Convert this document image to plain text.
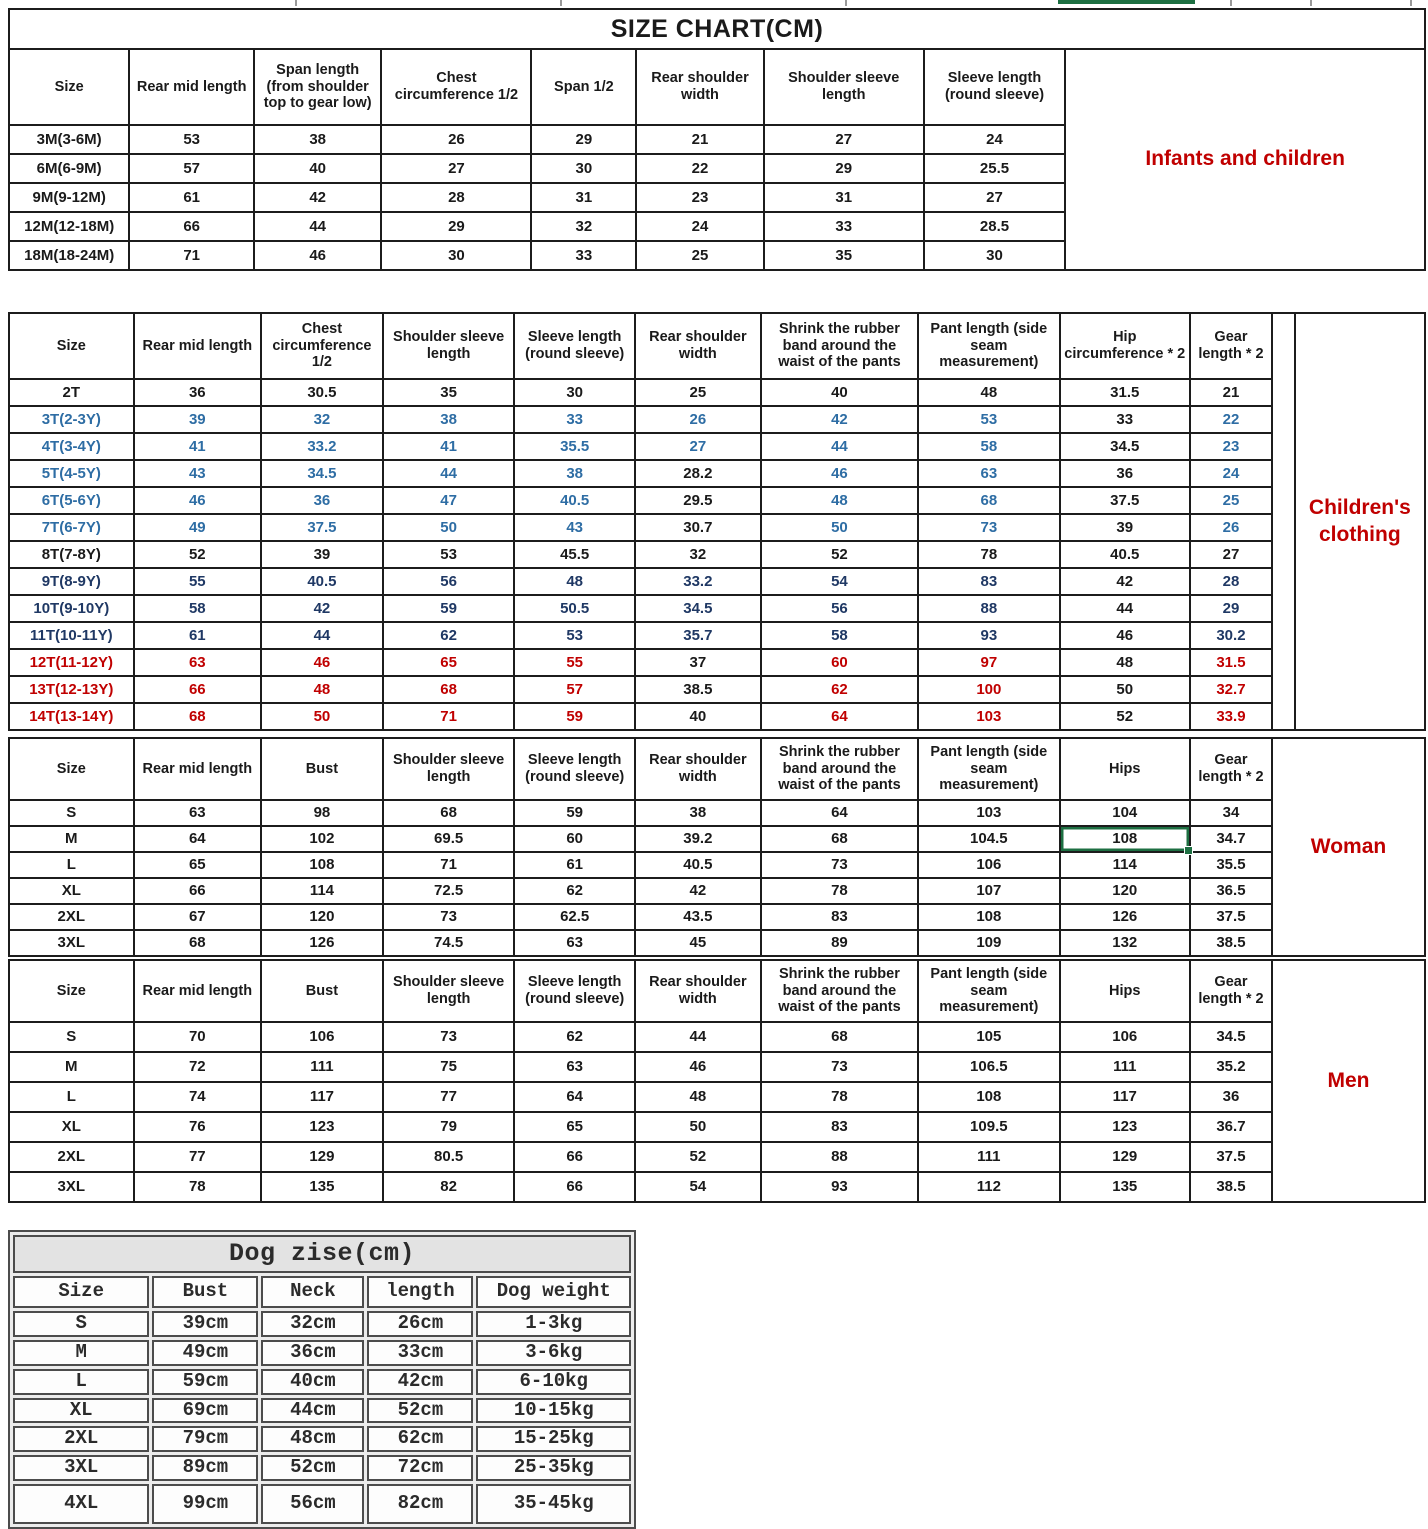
SIZE CHART(CM)								
Size	Rear mid length	Span length (from shoulder top to gear low)	Chest circumference 1/2	Span 1/2	Rear shoulder width	Shoulder sleeve length	Sleeve length (round sleeve)	Infants and children
3M(3-6M)	53	38	26	29	21	27	24	
6M(6-9M)	57	40	27	30	22	29	25.5	
9M(9-12M)	61	42	28	31	23	31	27	
12M(12-18M)	66	44	29	32	24	33	28.5	
18M(18-24M)	71	46	30	33	25	35	30	
Size	Rear mid length	Chest circumference 1/2	Shoulder sleeve length	Sleeve length (round sleeve)	Rear shoulder width	Shrink the rubber band around the waist of the pants	Pant length (side seam measurement)	Hip circumference * 2	Gear length * 2		Children's clothing
2T	36	30.5	35	30	25	40	48	31.5	21		
3T(2-3Y)	39	32	38	33	26	42	53	33	22		
4T(3-4Y)	41	33.2	41	35.5	27	44	58	34.5	23		
5T(4-5Y)	43	34.5	44	38	28.2	46	63	36	24		
6T(5-6Y)	46	36	47	40.5	29.5	48	68	37.5	25		
7T(6-7Y)	49	37.5	50	43	30.7	50	73	39	26		
8T(7-8Y)	52	39	53	45.5	32	52	78	40.5	27		
9T(8-9Y)	55	40.5	56	48	33.2	54	83	42	28		
10T(9-10Y)	58	42	59	50.5	34.5	56	88	44	29		
11T(10-11Y)	61	44	62	53	35.7	58	93	46	30.2		
12T(11-12Y)	63	46	65	55	37	60	97	48	31.5		
13T(12-13Y)	66	48	68	57	38.5	62	100	50	32.7		
14T(13-14Y)	68	50	71	59	40	64	103	52	33.9		
Size	Rear mid length	Bust	Shoulder sleeve length	Sleeve length (round sleeve)	Rear shoulder width	Shrink the rubber band around the waist of the pants	Pant length (side seam measurement)	Hips	Gear length * 2	Woman
S	63	98	68	59	38	64	103	104	34	
M	64	102	69.5	60	39.2	68	104.5	108	34.7	
L	65	108	71	61	40.5	73	106	114	35.5	
XL	66	114	72.5	62	42	78	107	120	36.5	
2XL	67	120	73	62.5	43.5	83	108	126	37.5	
3XL	68	126	74.5	63	45	89	109	132	38.5	
Size	Rear mid length	Bust	Shoulder sleeve length	Sleeve length (round sleeve)	Rear shoulder width	Shrink the rubber band around the waist of the pants	Pant length (side seam measurement)	Hips	Gear length * 2	Men
S	70	106	73	62	44	68	105	106	34.5	
M	72	111	75	63	46	73	106.5	111	35.2	
L	74	117	77	64	48	78	108	117	36	
XL	76	123	79	65	50	83	109.5	123	36.7	
2XL	77	129	80.5	66	52	88	111	129	37.5	
3XL	78	135	82	66	54	93	112	135	38.5	
Dog zise(cm)				
Size	Bust	Neck	length	Dog weight
S	39cm	32cm	26cm	1-3kg
M	49cm	36cm	33cm	3-6kg
L	59cm	40cm	42cm	6-10kg
XL	69cm	44cm	52cm	10-15kg
2XL	79cm	48cm	62cm	15-25kg
3XL	89cm	52cm	72cm	25-35kg
4XL	99cm	56cm	82cm	35-45kg
